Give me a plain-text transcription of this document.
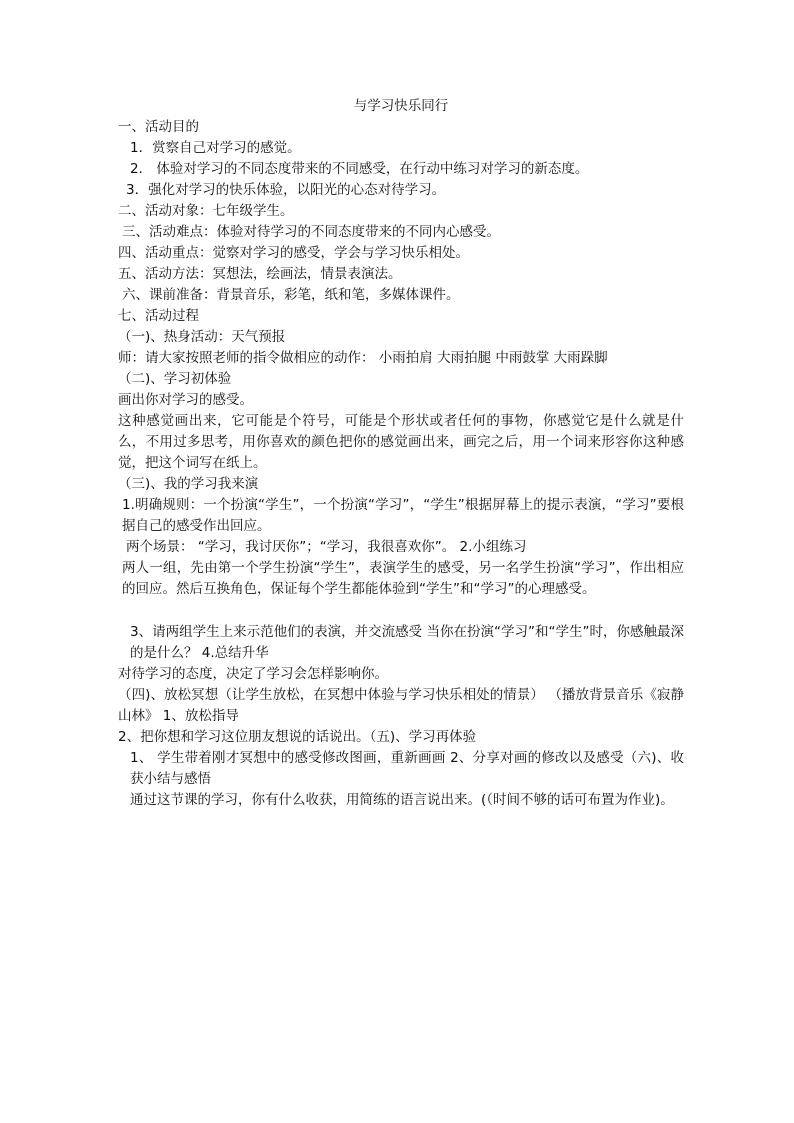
与学习快乐同行

一、活动目的

1．赏察自己对学习的感觉。

2． 体验对学习的不同态度带来的不同感受，在行动中练习对学习的新态度。

3．强化对学习的快乐体验，以阳光的心态对待学习。

二、活动对象：七年级学生。

三、活动难点：体验对待学习的不同态度带来的不同内心感受。

四、活动重点：觉察对学习的感受，学会与学习快乐相处。

五、活动方法：冥想法，绘画法，情景表演法。

六、课前准备：背景音乐，彩笔，纸和笔，多媒体课件。

七、活动过程

（一)、热身活动：天气预报

师：请大家按照老师的指令做相应的动作： 小雨拍肩 大雨拍腿 中雨鼓掌 大雨跺脚

（二)、学习初体验

画出你对学习的感受。

这种感觉画出来，它可能是个符号，可能是个形状或者任何的事物，你感觉它是什么就是什么，不用过多思考，用你喜欢的颜色把你的感觉画出来，画完之后，用一个词来形容你这种感觉，把这个词写在纸上。

（三)、我的学习我来演

1.明确规则：一个扮演“学生”，一个扮演“学习”，“学生”根据屏幕上的提示表演，“学习”要根据自己的感受作出回应。

两个场景： “学习，我讨厌你”；“学习，我很喜欢你”。 2.小组练习

两人一组，先由第一个学生扮演“学生”，表演学生的感受，另一名学生扮演“学习”，作出相应的回应。然后互换角色，保证每个学生都能体验到“学生”和“学习”的心理感受。

3、请两组学生上来示范他们的表演，并交流感受 当你在扮演“学习”和“学生”时，你感触最深的是什么？ 4.总结升华

对待学习的态度，决定了学习会怎样影响你。

（四)、放松冥想（让学生放松，在冥想中体验与学习快乐相处的情景） （播放背景音乐《寂静山林》 1、放松指导

2、把你想和学习这位朋友想说的话说出。（五)、学习再体验

1、 学生带着刚才冥想中的感受修改图画，重新画画 2、分享对画的修改以及感受（六)、收获小结与感悟

通过这节课的学习，你有什么收获，用简练的语言说出来。(（时间不够的话可布置为作业)。
